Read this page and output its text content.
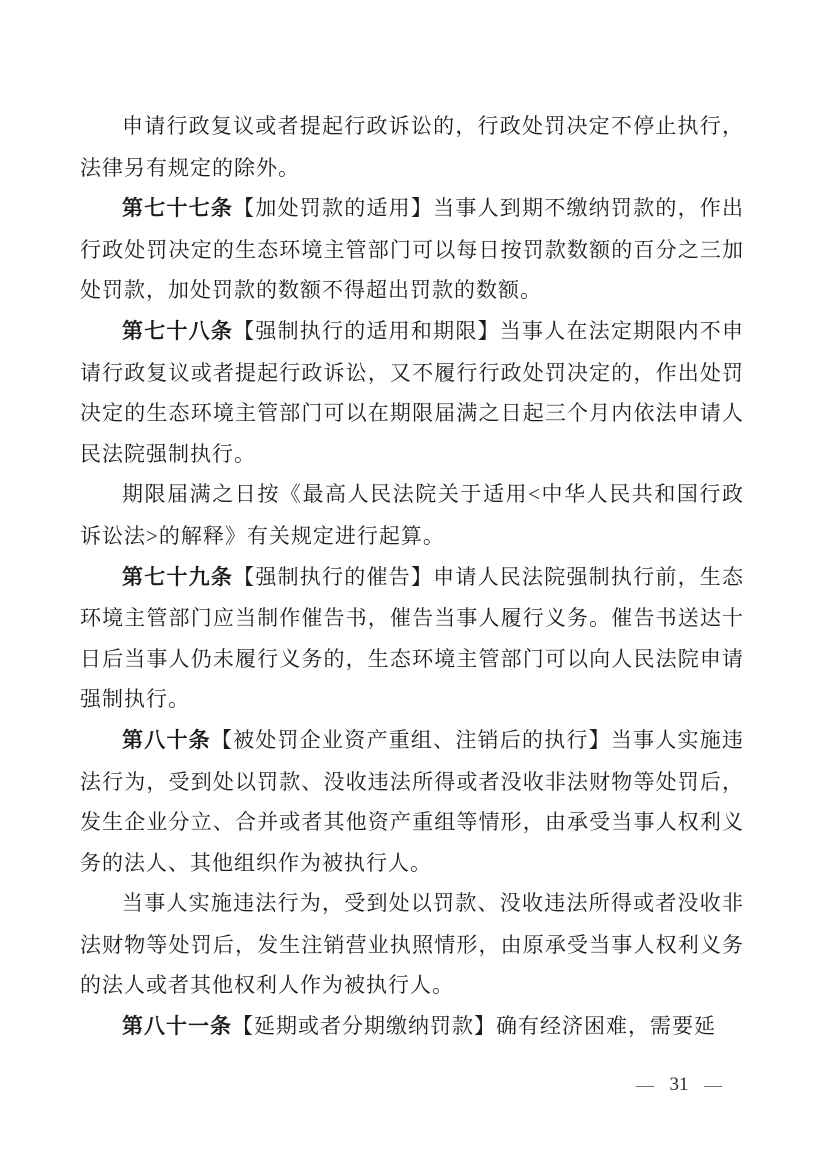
申请行政复议或者提起行政诉讼的，行政处罚决定不停止执行，法律另有规定的除外。

第七十七条【加处罚款的适用】当事人到期不缴纳罚款的，作出行政处罚决定的生态环境主管部门可以每日按罚款数额的百分之三加处罚款，加处罚款的数额不得超出罚款的数额。

第七十八条【强制执行的适用和期限】当事人在法定期限内不申请行政复议或者提起行政诉讼，又不履行行政处罚决定的，作出处罚决定的生态环境主管部门可以在期限届满之日起三个月内依法申请人民法院强制执行。

期限届满之日按《最高人民法院关于适用<中华人民共和国行政诉讼法>的解释》有关规定进行起算。

第七十九条【强制执行的催告】申请人民法院强制执行前，生态环境主管部门应当制作催告书，催告当事人履行义务。催告书送达十日后当事人仍未履行义务的，生态环境主管部门可以向人民法院申请强制执行。

第八十条【被处罚企业资产重组、注销后的执行】当事人实施违法行为，受到处以罚款、没收违法所得或者没收非法财物等处罚后，发生企业分立、合并或者其他资产重组等情形，由承受当事人权利义务的法人、其他组织作为被执行人。

当事人实施违法行为，受到处以罚款、没收违法所得或者没收非法财物等处罚后，发生注销营业执照情形，由原承受当事人权利义务的法人或者其他权利人作为被执行人。

第八十一条【延期或者分期缴纳罚款】确有经济困难，需要延

— 31 —
